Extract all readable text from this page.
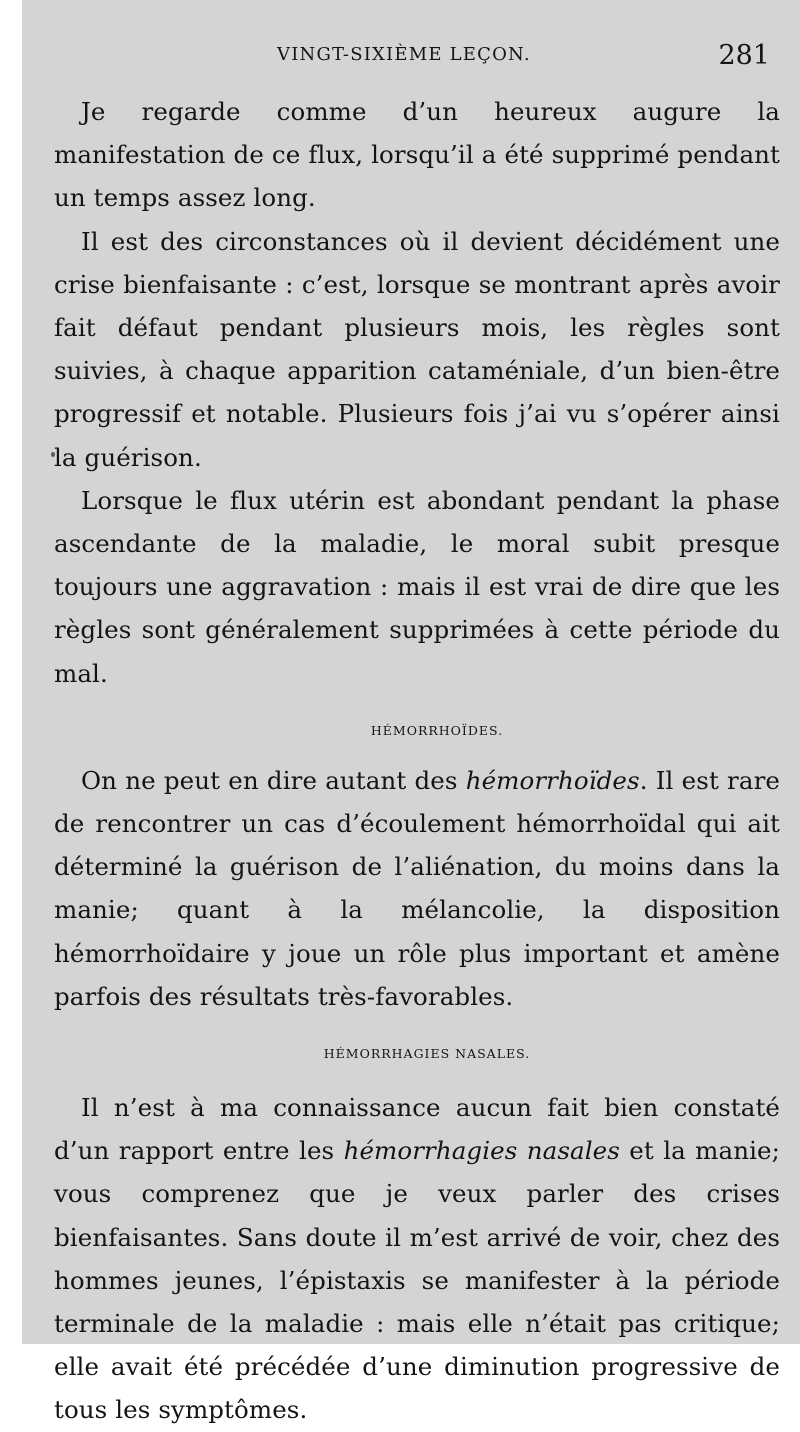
VINGT-SIXIÈME LEÇON.	281

Je regarde comme d’un heureux augure la manifestation de ce flux, lorsqu’il a été supprimé pendant un temps assez long.

Il est des circonstances où il devient décidément une crise bienfaisante : c’est, lorsque se montrant après avoir fait défaut pendant plusieurs mois, les règles sont suivies, à chaque apparition cataméniale, d’un bien-être progressif et notable. Plusieurs fois j’ai vu s’opérer ainsi la guérison.

Lorsque le flux utérin est abondant pendant la phase ascendante de la maladie, le moral subit presque toujours une aggravation : mais il est vrai de dire que les règles sont généralement supprimées à cette période du mal.

HÉMORRHOÏDES.

On ne peut en dire autant des hémorrhoïdes. Il est rare de rencontrer un cas d’écoulement hémorrhoïdal qui ait déterminé la guérison de l’aliénation, du moins dans la manie; quant à la mélancolie, la disposition hémorrhoïdaire y joue un rôle plus important et amène parfois des résultats très-favorables.

HÉMORRHAGIES NASALES.

Il n’est à ma connaissance aucun fait bien constaté d’un rapport entre les hémorrhagies nasales et la manie; vous comprenez que je veux parler des crises bienfaisantes. Sans doute il m’est arrivé de voir, chez des hommes jeunes, l’épistaxis se manifester à la période terminale de la maladie : mais elle n’était pas critique; elle avait été précédée d’une diminution progressive de tous les symptômes.
